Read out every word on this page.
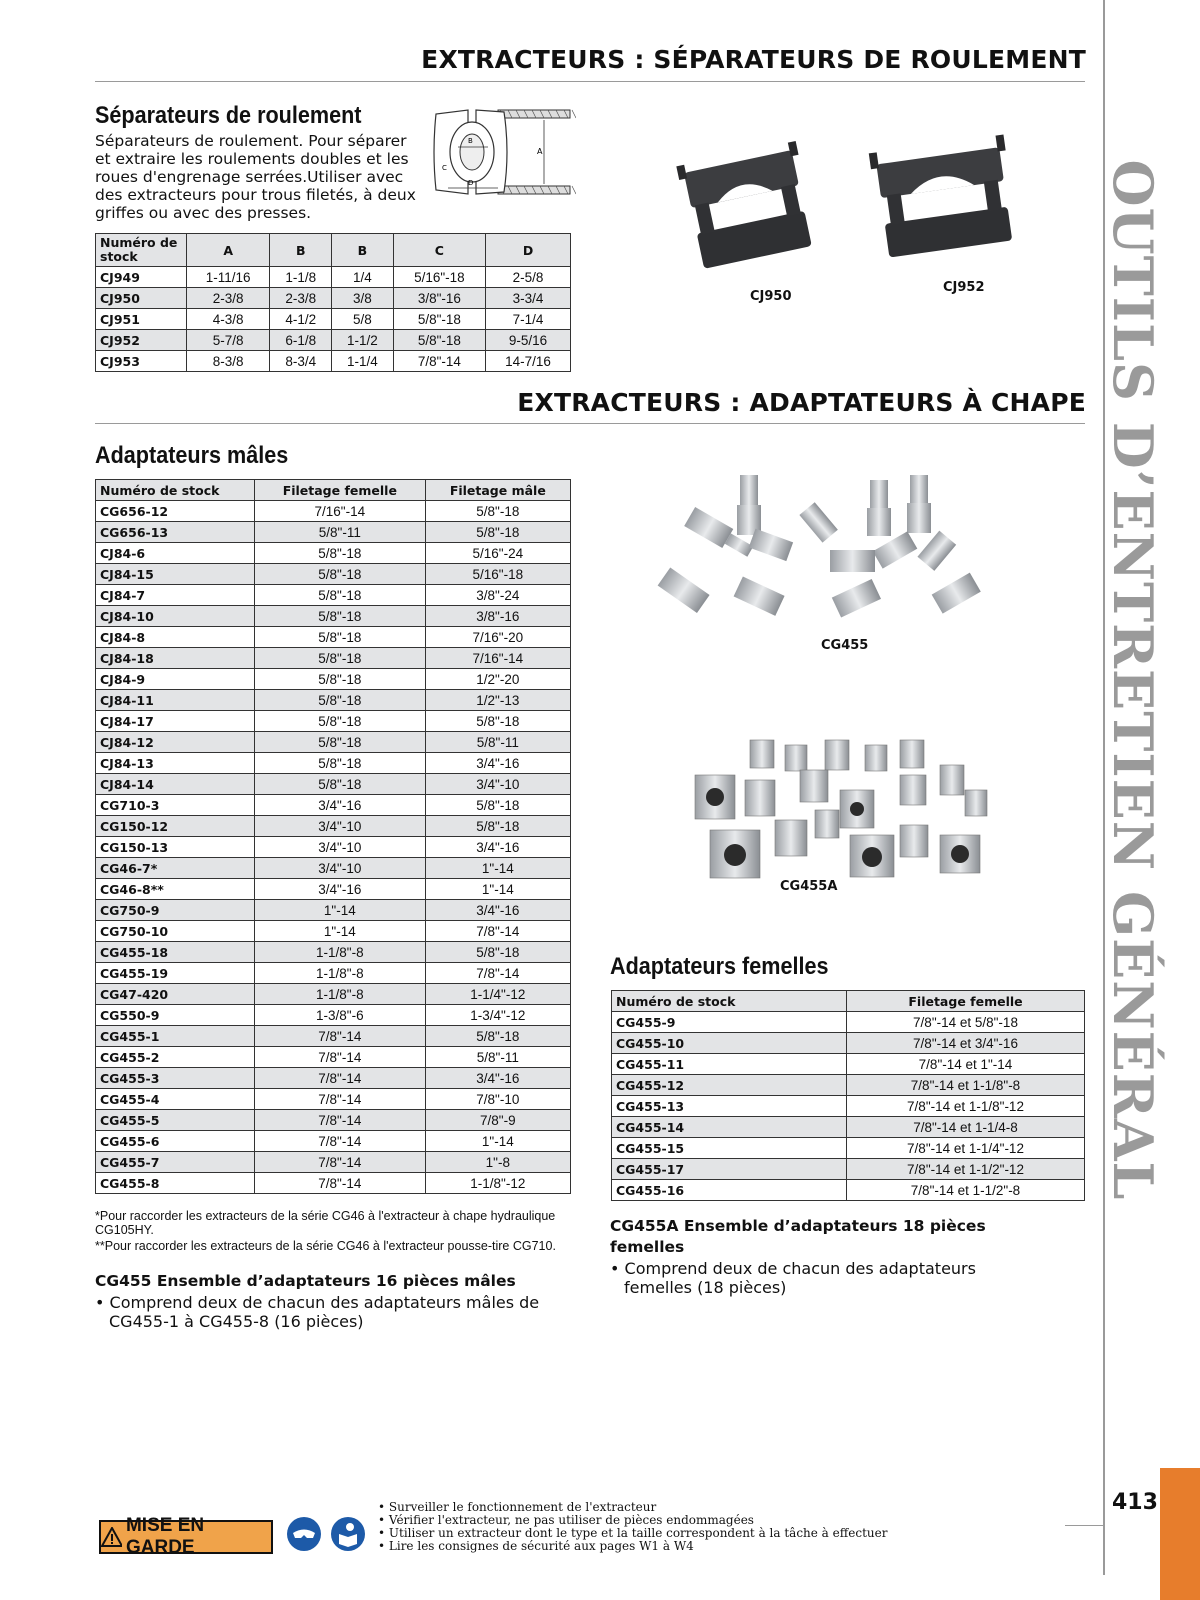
EXTRACTEURS : SÉPARATEURS DE ROULEMENT
EXTRACTEURS : ADAPTATEURS À CHAPE OUTILS D’ENTRETIEN GÉNÉRAL
413
Séparateurs de roulement
Séparateurs de roulement. Pour séparer et extraire les roulements doubles et les roues d'engrenage serrées.Utiliser avec des extracteurs pour trous filetés, à deux griffes ou avec des presses.
A
B
C
D
Numéro de stock	A	B	B	C	D
CJ949	1-11/16	1-1/8	1/4	5/16"-18	2-5/8
CJ950	2-3/8	2-3/8	3/8	3/8"-16	3-3/4
CJ951	4-3/8	4-1/2	5/8	5/8"-18	7-1/4
CJ952	5-7/8	6-1/8	1-1/2	5/8"-18	9-5/16
CJ953	8-3/8	8-3/4	1-1/4	7/8"-14	14-7/16
CJ950
CJ952
Adaptateurs mâles
Numéro de stock	Filetage femelle	Filetage mâle
CG656-12	7/16"-14	5/8"-18
CG656-13	5/8"-11	5/8"-18
CJ84-6	5/8"-18	5/16"-24
CJ84-15	5/8"-18	5/16"-18
CJ84-7	5/8"-18	3/8"-24
CJ84-10	5/8"-18	3/8"-16
CJ84-8	5/8"-18	7/16"-20
CJ84-18	5/8"-18	7/16"-14
CJ84-9	5/8"-18	1/2"-20
CJ84-11	5/8"-18	1/2"-13
CJ84-17	5/8"-18	5/8"-18
CJ84-12	5/8"-18	5/8"-11
CJ84-13	5/8"-18	3/4"-16
CJ84-14	5/8"-18	3/4"-10
CG710-3	3/4"-16	5/8"-18
CG150-12	3/4"-10	5/8"-18
CG150-13	3/4"-10	3/4"-16
CG46-7*	3/4"-10	1"-14
CG46-8**	3/4"-16	1"-14
CG750-9	1"-14	3/4"-16
CG750-10	1"-14	7/8"-14
CG455-18	1-1/8"-8	5/8"-18
CG455-19	1-1/8"-8	7/8"-14
CG47-420	1-1/8"-8	1-1/4"-12
CG550-9	1-3/8"-6	1-3/4"-12
CG455-1	7/8"-14	5/8"-18
CG455-2	7/8"-14	5/8"-11
CG455-3	7/8"-14	3/4"-16
CG455-4	7/8"-14	7/8"-10
CG455-5	7/8"-14	7/8"-9
CG455-6	7/8"-14	1"-14
CG455-7	7/8"-14	1"-8
CG455-8	7/8"-14	1-1/8"-12
*Pour raccorder les extracteurs de la série CG46 à l'extracteur à chape hydraulique CG105HY.
**Pour raccorder les extracteurs de la série CG46 à l'extracteur pousse-tire CG710.
CG455 Ensemble d’adaptateurs 16 pièces mâles
• Comprend deux de chacun des adaptateurs mâles de CG455-1 à CG455-8 (16 pièces)
CG455
CG455A
Adaptateurs femelles
Numéro de stock	Filetage femelle
CG455-9	7/8"-14 et 5/8"-18
CG455-10	7/8"-14 et 3/4"-16
CG455-11	7/8"-14 et 1"-14
CG455-12	7/8"-14 et 1-1/8"-8
CG455-13	7/8"-14 et 1-1/8"-12
CG455-14	7/8"-14 et 1-1/4-8
CG455-15	7/8"-14 et 1-1/4"-12
CG455-17	7/8"-14 et 1-1/2"-12
CG455-16	7/8"-14 et 1-1/2"-8
CG455A Ensemble d’adaptateurs 18 pièces femelles
• Comprend deux de chacun des adaptateurs femelles (18 pièces)
MISE EN GARDE
• Surveiller le fonctionnement de l'extracteur
• Vérifier l'extracteur, ne pas utiliser de pièces endommagées
• Utiliser un extracteur dont le type et la taille correspondent à la tâche à effectuer
• Lire les consignes de sécurité aux pages W1 à W4
